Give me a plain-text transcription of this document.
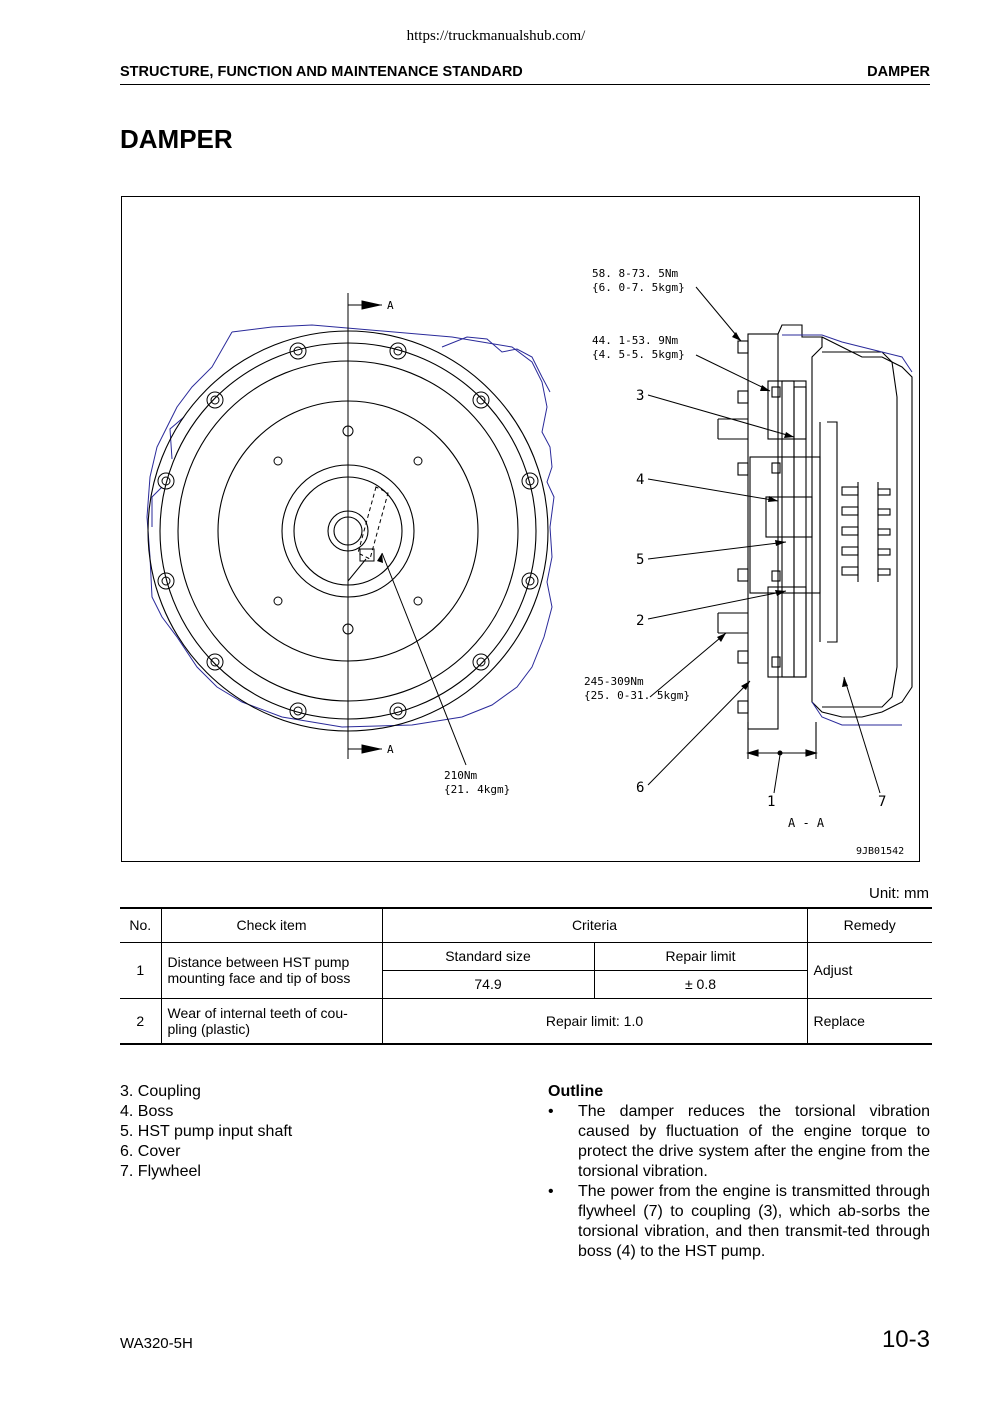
https://truckmanualshub.com/
STRUCTURE, FUNCTION AND MAINTENANCE STANDARD	DAMPER
DAMPER
A
A
58. 8-73. 5Nm
{6. 0-7. 5kgm}
44. 1-53. 9Nm
{4. 5-5. 5kgm}
245-309Nm
{25. 0-31. 5kgm}
210Nm
{21. 4kgm}
3
4
5
2
6
1	7
A - A
9JB01542
Unit: mm
No.	Check item	Criteria		Remedy
1	Distance between HST pump mounting face and tip of boss	Standard size	Repair limit	Adjust
		74.9	± 0.8	
2	Wear of internal teeth of cou-pling (plastic)	Repair limit: 1.0		Replace
3. Coupling
4. Boss
5. HST pump input shaft
6. Cover
7. Flywheel
Outline
• The damper reduces the torsional vibration caused by fluctuation of the engine torque to protect the drive system after the engine from the torsional vibration.
• The power from the engine is transmitted through flywheel (7) to coupling (3), which ab-sorbs the torsional vibration, and then transmit-ted through boss (4) to the HST pump.
WA320-5H	10-3
